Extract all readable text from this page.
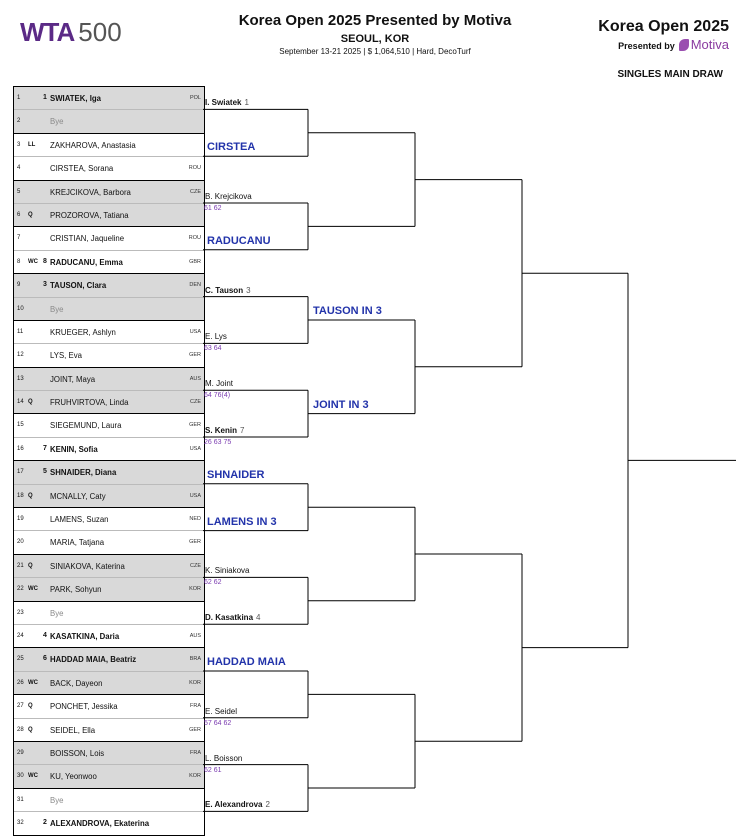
WTA 500	Korea Open 2025 Presented by Motiva
SEOUL, KOR
September 13-21 2025 | $ 1,064,510 | Hard, DecoTurf
Korea Open 2025
Presented by Motiva
SINGLES MAIN DRAW
1	1 SWIATEK, Iga	POL
2	Bye
3 LL ZAKHAROVA, Anastasia
4	CIRSTEA, Sorana	ROU
5	KREJCIKOVA, Barbora	CZE
6 Q PROZOROVA, Tatiana
7	CRISTIAN, Jaqueline	ROU
8 WC 8 RADUCANU, Emma	GBR
9	3 TAUSON, Clara	DEN
10	Bye
11	KRUEGER, Ashlyn	USA
12	LYS, Eva	GER
13	JOINT, Maya	AUS
14 Q FRUHVIRTOVA, Linda	CZE
15	SIEGEMUND, Laura	GER
16	7 KENIN, Sofia	USA
17	5 SHNAIDER, Diana
18 Q MCNALLY, Caty	USA
19	LAMENS, Suzan	NED
20	MARIA, Tatjana	GER
21 Q SINIAKOVA, Katerina	CZE
22 WC PARK, Sohyun	KOR
23	Bye
24	4 KASATKINA, Daria	AUS
25	6 HADDAD MAIA, Beatriz	BRA
26 WC BACK, Dayeon	KOR
27 Q PONCHET, Jessika	FRA
28 Q SEIDEL, Ella	GER
29	BOISSON, Lois	FRA
30 WC KU, Yeonwoo	KOR
31	Bye
32	2 ALEXANDROVA, Ekaterina
I. Swiatek 1
CIRSTEA
B. Krejcikova
61 62
RADUCANU
C. Tauson 3
E. Lys
63 64
M. Joint
64 76(4)
S. Kenin 7
26 63 75
SHNAIDER
LAMENS IN 3
K. Siniakova
62 62
D. Kasatkina 4
HADDAD MAIA
E. Seidel
57 64 62
L. Boisson
62 61
E. Alexandrova 2
TAUSON IN 3
JOINT IN 3
